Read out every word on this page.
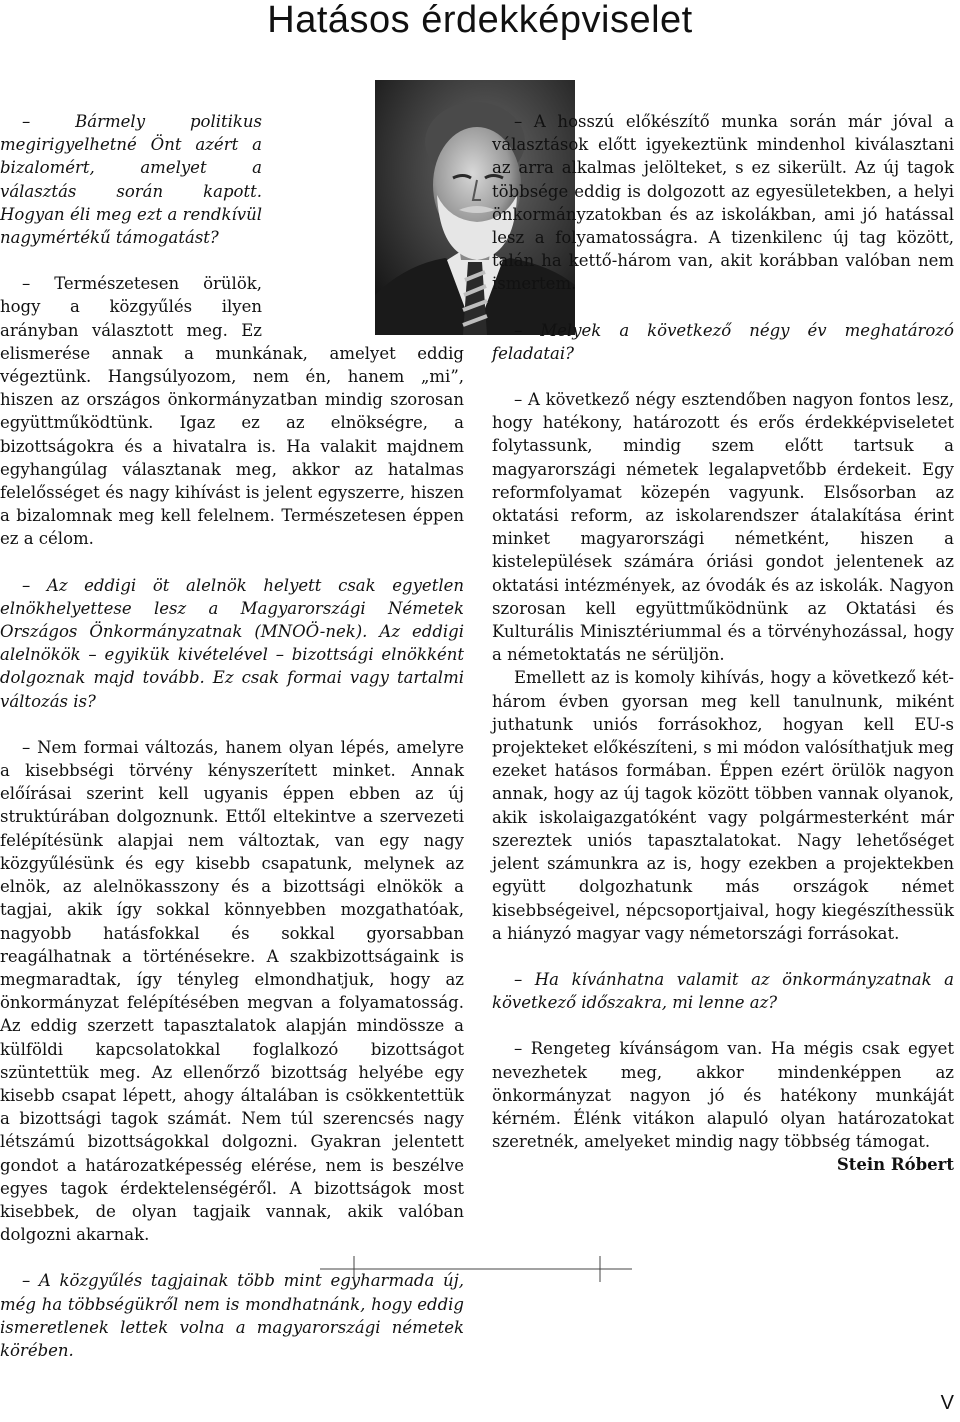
Hatásos érdekképviselet

– Bármely politikus megirigyelhetné Önt azért a bizalomért, amelyet a választás során kapott. Hogyan éli meg ezt a rendkívül nagymértékű támogatást?

– Természetesen örülök, hogy a közgyűlés ilyen arányban választott meg. Ez elismerése annak a munkának, amelyet eddig végeztünk. Hangsúlyozom, nem én, hanem „mi”, hiszen az országos önkormányzatban mindig szorosan együttműködtünk. Igaz ez az elnökségre, a bizottságokra és a hivatalra is. Ha valakit majdnem egyhangúlag választanak meg, akkor az hatalmas felelősséget és nagy kihívást is jelent egyszerre, hiszen a bizalomnak meg kell felelnem. Természetesen éppen ez a célom.

– Az eddigi öt alelnök helyett csak egyetlen elnökhelyettese lesz a Magyarországi Németek Országos Önkormányzatnak (MNOÖ-nek). Az eddigi alelnökök – egyikük kivételével – bizottsági elnökként dolgoznak majd tovább. Ez csak formai vagy tartalmi változás is?

– Nem formai változás, hanem olyan lépés, amelyre a kisebbségi törvény kényszerített minket. Annak előírásai szerint kell ugyanis éppen ebben az új struktúrában dolgoznunk. Ettől eltekintve a szervezeti felépítésünk alapjai nem változtak, van egy nagy közgyűlésünk és egy kisebb csapatunk, melynek az elnök, az alelnökasszony és a bizottsági elnökök a tagjai, akik így sokkal könnyebben mozgathatóak, nagyobb hatásfokkal és sokkal gyorsabban reagálhatnak a történésekre. A szakbizottságaink is megmaradtak, így tényleg elmondhatjuk, hogy az önkormányzat felépítésében megvan a folyamatosság. Az eddig szerzett tapasztalatok alapján mindössze a külföldi kapcsolatokkal foglalkozó bizottságot szüntettük meg. Az ellenőrző bizottság helyébe egy kisebb csapat lépett, ahogy általában is csökkentettük a bizottsági tagok számát. Nem túl szerencsés nagy létszámú bizottságokkal dolgozni. Gyakran jelentett gondot a határozatképesség elérése, nem is beszélve egyes tagok érdektelenségéről. A bizottságok most kisebbek, de olyan tagjaik vannak, akik valóban dolgozni akarnak.

– A közgyűlés tagjainak több mint egyharmada új, még ha többségükről nem is mondhatnánk, hogy eddig ismeretlenek lettek volna a magyarországi németek körében.

– A hosszú előkészítő munka során már jóval a választások előtt igyekeztünk mindenhol kiválasztani az arra alkalmas jelölteket, s ez sikerült. Az új tagok többsége eddig is dolgozott az egyesületekben, a helyi önkormányzatokban és az iskolákban, ami jó hatással lesz a folyamatosságra. A tizenkilenc új tag között, talán ha kettő-három van, akit korábban valóban nem ismertem.

– Melyek a következő négy év meghatározó feladatai?

– A következő négy esztendőben nagyon fontos lesz, hogy hatékony, határozott és erős érdekképviseletet folytassunk, mindig szem előtt tartsuk a magyarországi németek legalapvetőbb érdekeit. Egy reformfolyamat közepén vagyunk. Elsősorban az oktatási reform, az iskolarendszer átalakítása érint minket magyarországi németként, hiszen a kistelepülések számára óriási gondot jelentenek az oktatási intézmények, az óvodák és az iskolák. Nagyon szorosan kell együttműködnünk az Oktatási és Kulturális Minisztériummal és a törvényhozással, hogy a németoktatás ne sérüljön.

Emellett az is komoly kihívás, hogy a következő két-három évben gyorsan meg kell tanulnunk, miként juthatunk uniós forrásokhoz, hogyan kell EU-s projekteket előkészíteni, s mi módon valósíthatjuk meg ezeket hatásos formában. Éppen ezért örülök nagyon annak, hogy az új tagok között többen vannak olyanok, akik iskolaigazgatóként vagy polgármesterként már szereztek uniós tapasztalatokat. Nagy lehetőséget jelent számunkra az is, hogy ezekben a projektekben együtt dolgozhatunk más országok német kisebbségeivel, népcsoportjaival, hogy kiegészíthessük a hiányzó magyar vagy németországi forrásokat.

– Ha kívánhatna valamit az önkormányzatnak a következő időszakra, mi lenne az?

– Rengeteg kívánságom van. Ha mégis csak egyet nevezhetek meg, akkor mindenképpen az önkormányzat nagyon jó és hatékony munkáját kérném. Élénk vitákon alapuló olyan határozatokat szeretnék, amelyeket mindig nagy többség támogat.

Stein Róbert

V
